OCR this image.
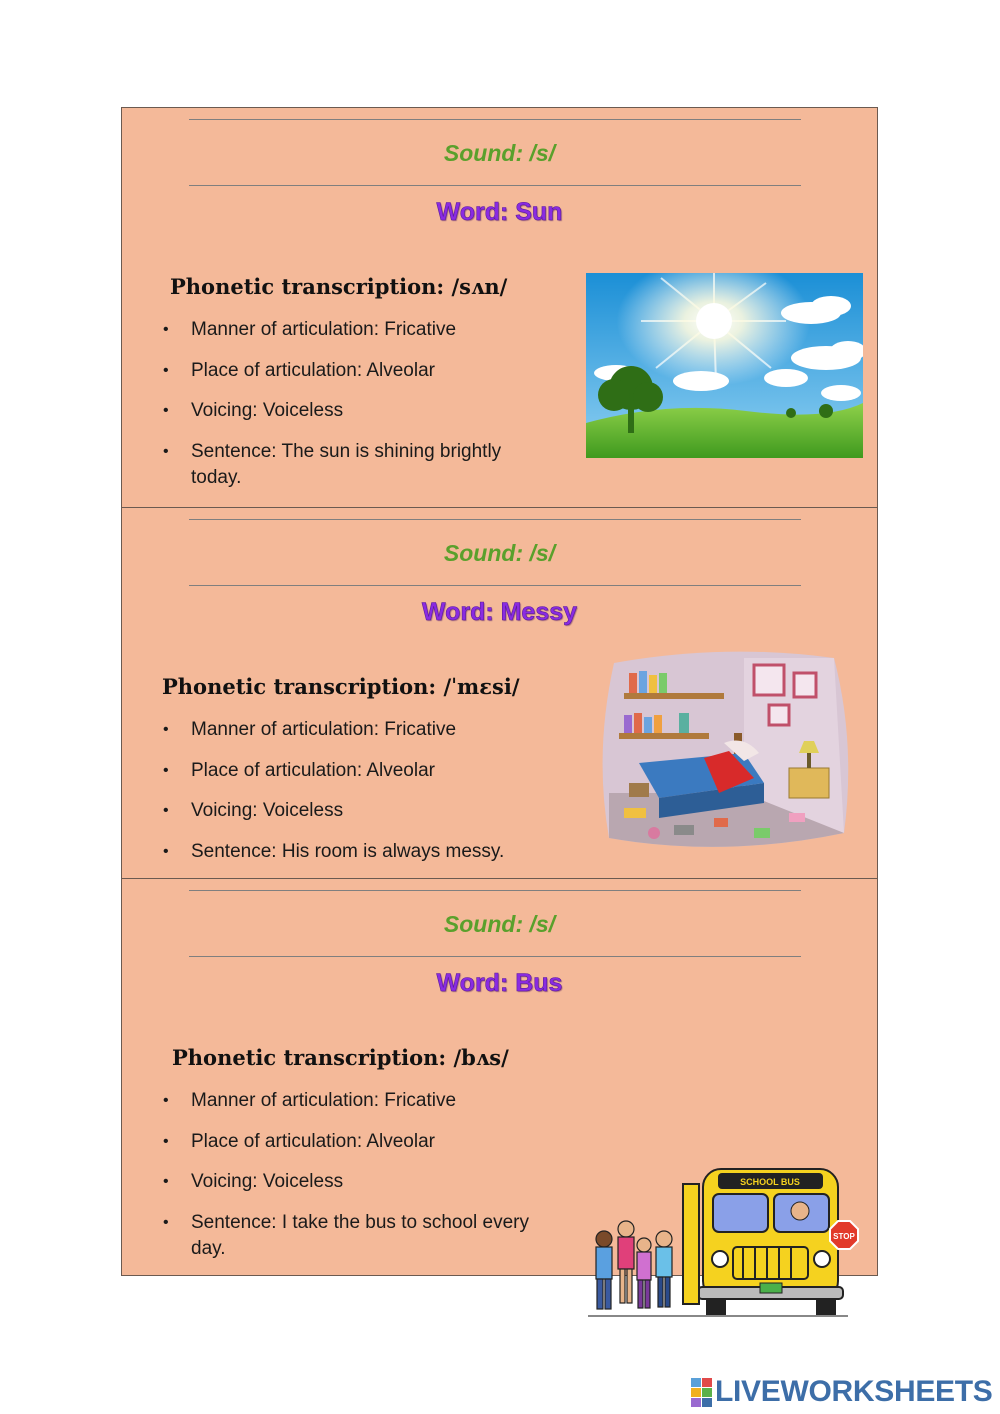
Sound: /s/
Word: Sun
Phonetic transcription: /sʌn/
• Manner of articulation: Fricative
• Place of articulation: Alveolar
• Voicing: Voiceless
• Sentence: The sun is shining brightly today.
Sound: /s/
Word: Messy
Phonetic transcription: /ˈmɛsi/
• Manner of articulation: Fricative
• Place of articulation: Alveolar
• Voicing: Voiceless
• Sentence: His room is always messy.
Sound: /s/
Word: Bus
Phonetic transcription: /bʌs/
• Manner of articulation: Fricative
• Place of articulation: Alveolar
• Voicing: Voiceless
• Sentence: I take the bus to school every day.
SCHOOL BUS
STOP
LIVEWORKSHEETS
